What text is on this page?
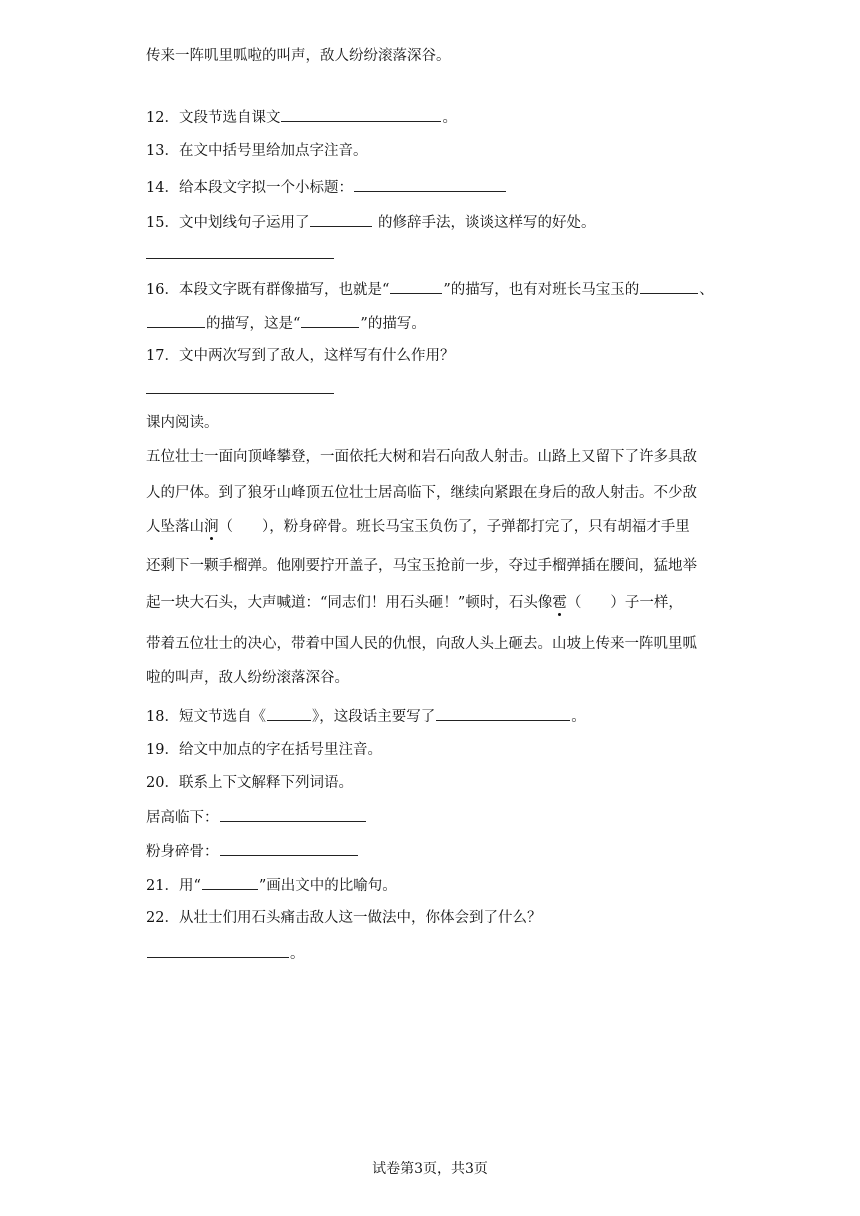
传来一阵叽里呱啦的叫声，敌人纷纷滚落深谷。
12．文段节选自课文	。
13．在文中括号里给加点字注音。
14．给本段文字拟一个小标题：
15．文中划线句子运用了	的修辞手法，谈谈这样写的好处。
16．本段文字既有群像描写，也就是“	”的描写，也有对班长马宝玉的	、
的描写，这是“	”的描写。
17．文中两次写到了敌人，这样写有什么作用？
课内阅读。
五位壮士一面向顶峰攀登，一面依托大树和岩石向敌人射击。山路上又留下了许多具敌
人的尸体。到了狼牙山峰顶五位壮士居高临下，继续向紧跟在身后的敌人射击。不少敌
人坠落山涧（　　），粉身碎骨。班长马宝玉负伤了，子弹都打完了，只有胡福才手里
还剩下一颗手榴弹。他刚要拧开盖子，马宝玉抢前一步，夺过手榴弹插在腰间，猛地举
起一块大石头，大声喊道：“同志们！用石头砸！”顿时，石头像雹（　　）子一样，
带着五位壮士的决心，带着中国人民的仇恨，向敌人头上砸去。山坡上传来一阵叽里呱
啦的叫声，敌人纷纷滚落深谷。
18．短文节选自《	》，这段话主要写了	。
19．给文中加点的字在括号里注音。
20．联系上下文解释下列词语。
居高临下：
粉身碎骨：
21．用“	”画出文中的比喻句。
22．从壮士们用石头痛击敌人这一做法中，你体会到了什么？
。
试卷第3页，共3页
